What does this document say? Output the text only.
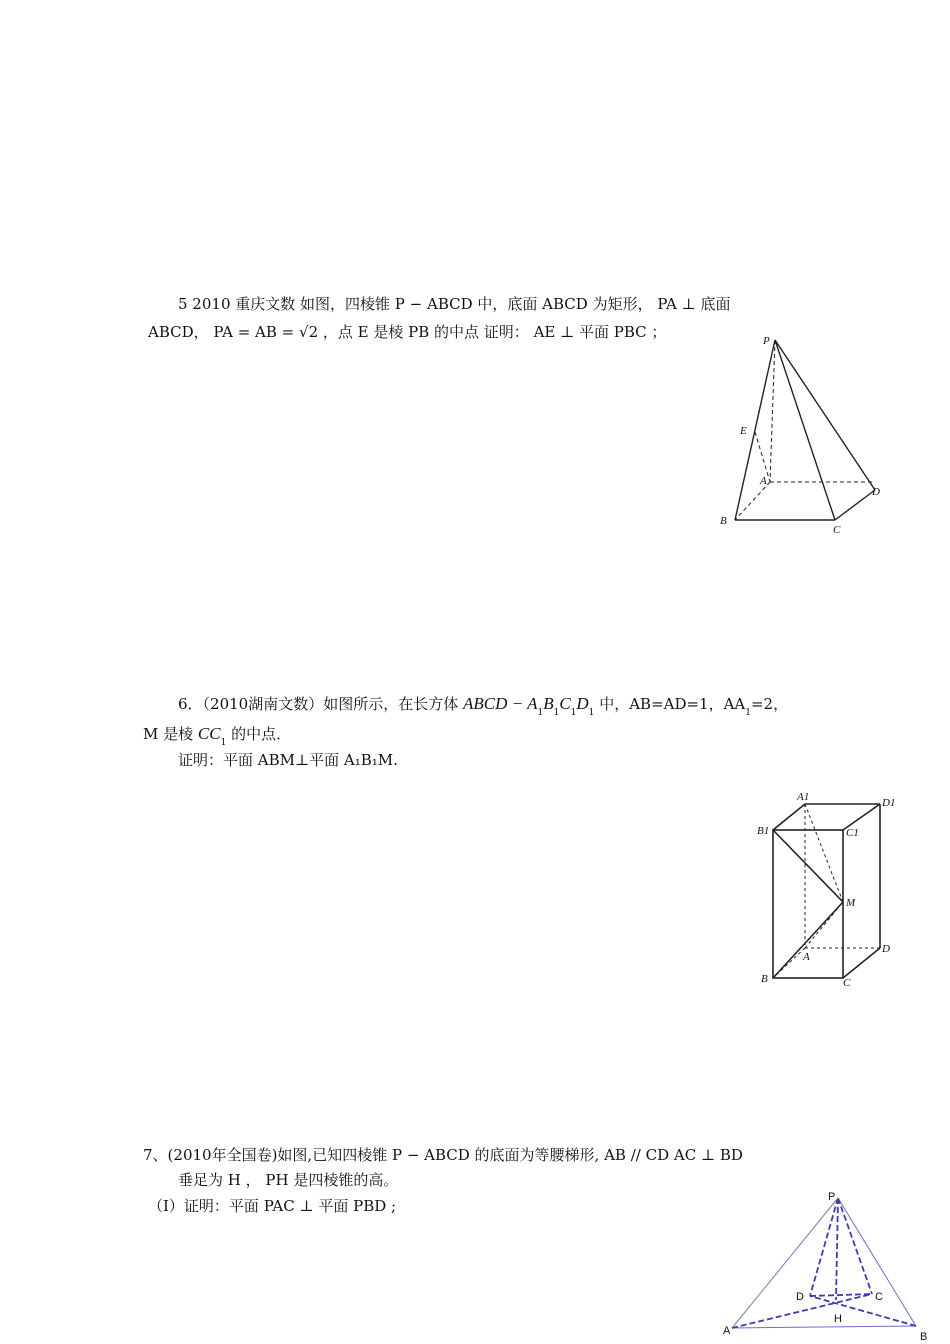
5 2010 重庆文数 如图，四棱锥 P − ABCD 中，底面 ABCD 为矩形， PA ⊥ 底面
ABCD， PA = AB = √2 ，点 E 是棱 PB 的中点 证明： AE ⊥ 平面 PBC ；	P
E
A
B
C
D
6．（2010湖南文数）如图所示，在长方体 ABCD − $A_1B_1C_1D_1$ 中，AB=AD=1，$AA_1=2$，
M 是棱 $CC_1$ 的中点．
证明：平面 ABM⊥平面 A₁B₁M.
A1	D1
B1	C1
M
A
D
B	C
7、(2010年全国卷)如图,已知四棱锥 P − ABCD 的底面为等腰梯形, AB // CD AC ⊥ BD
垂足为 H ， PH 是四棱锥的高。
（Ⅰ）证明：平面 PAC ⊥ 平面 PBD ;	P
D	C
H
A	B
